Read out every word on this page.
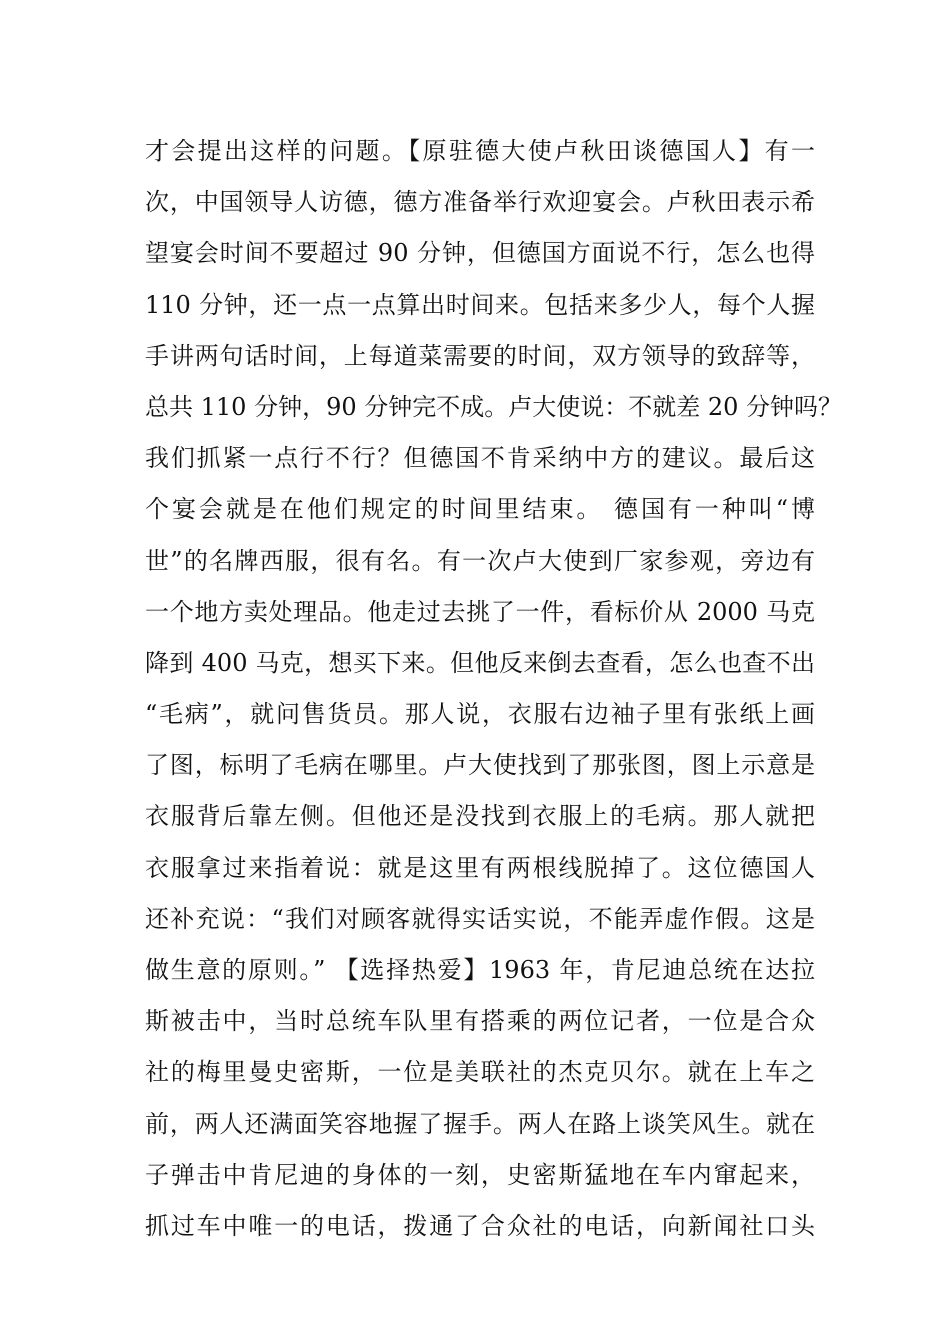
才会提出这样的问题。【原驻德大使卢秋田谈德国人】有一
次，中国领导人访德，德方准备举行欢迎宴会。卢秋田表示希
望宴会时间不要超过 90 分钟，但德国方面说不行，怎么也得
110 分钟，还一点一点算出时间来。包括来多少人，每个人握
手讲两句话时间，上每道菜需要的时间，双方领导的致辞等，
总共 110 分钟，90 分钟完不成。卢大使说：不就差 20 分钟吗？
我们抓紧一点行不行？但德国不肯采纳中方的建议。最后这
个宴会就是在他们规定的时间里结束。 德国有一种叫“博
世”的名牌西服，很有名。有一次卢大使到厂家参观，旁边有
一个地方卖处理品。他走过去挑了一件，看标价从 2000 马克
降到 400 马克，想买下来。但他反来倒去查看，怎么也查不出
“毛病”，就问售货员。那人说，衣服右边袖子里有张纸上画
了图，标明了毛病在哪里。卢大使找到了那张图，图上示意是
衣服背后靠左侧。但他还是没找到衣服上的毛病。那人就把
衣服拿过来指着说：就是这里有两根线脱掉了。这位德国人
还补充说：“我们对顾客就得实话实说，不能弄虚作假。这是
做生意的原则。” 【选择热爱】1963 年，肯尼迪总统在达拉
斯被击中，当时总统车队里有搭乘的两位记者，一位是合众
社的梅里曼史密斯，一位是美联社的杰克贝尔。就在上车之
前，两人还满面笑容地握了握手。两人在路上谈笑风生。就在
子弹击中肯尼迪的身体的一刻，史密斯猛地在车内窜起来，
抓过车中唯一的电话，拨通了合众社的电话，向新闻社口头
